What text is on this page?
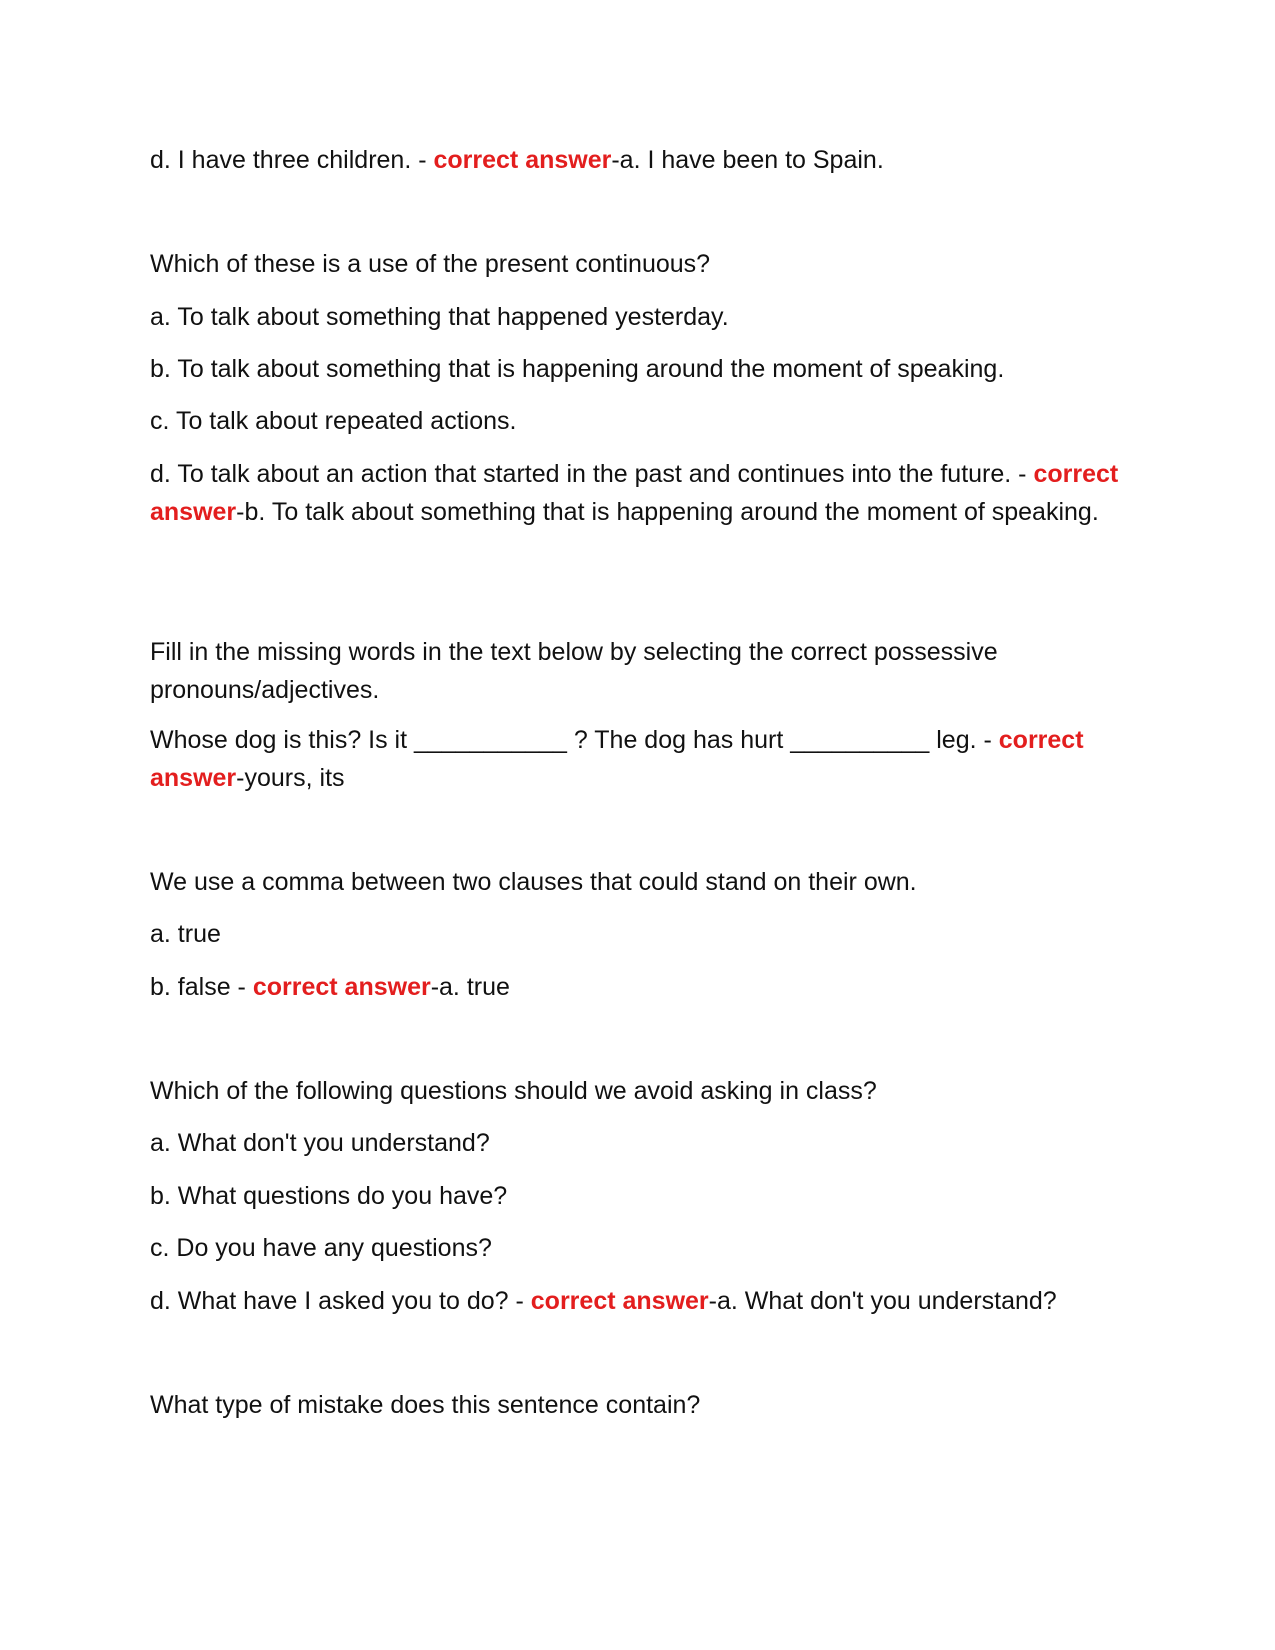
d. I have three children. - correct answer-a. I have been to Spain.
Which of these is a use of the present continuous?
a. To talk about something that happened yesterday.
b. To talk about something that is happening around the moment of speaking.
c. To talk about repeated actions.
d. To talk about an action that started in the past and continues into the future. - correct answer-b. To talk about something that is happening around the moment of speaking.
Fill in the missing words in the text below by selecting the correct possessive pronouns/adjectives.
Whose dog is this? Is it ___________ ? The dog has hurt __________ leg. - correct answer-yours, its
We use a comma between two clauses that could stand on their own.
a. true
b. false - correct answer-a. true
Which of the following questions should we avoid asking in class?
a. What don't you understand?
b. What questions do you have?
c. Do you have any questions?
d. What have I asked you to do? - correct answer-a. What don't you understand?
What type of mistake does this sentence contain?
